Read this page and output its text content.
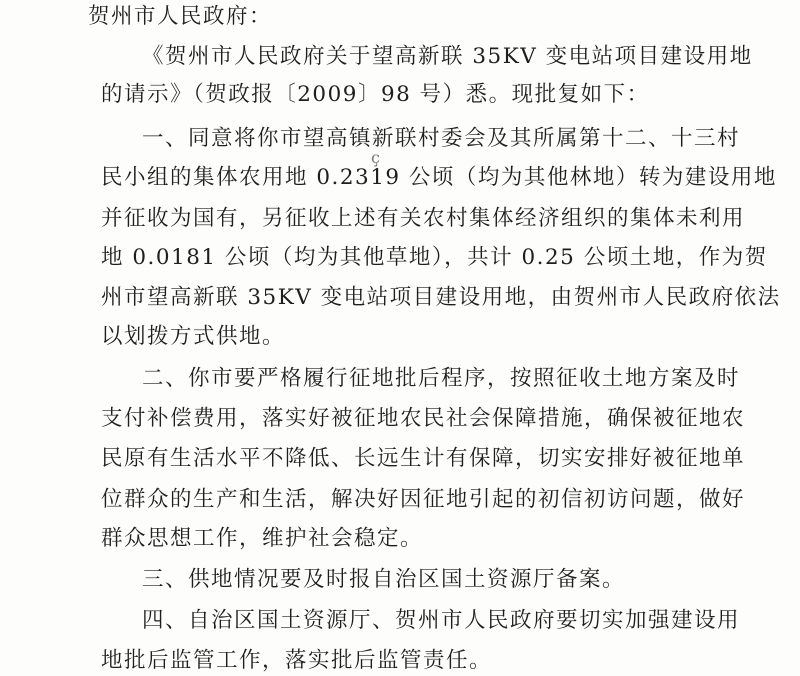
贺州市人民政府：

《贺州市人民政府关于望高新联 35KV 变电站项目建设用地

的请示》（贺政报〔2009〕98 号）悉。现批复如下：

一、同意将你市望高镇新联村委会及其所属第十二、十三村

民小组的集体农用地 0.2319 公顷（均为其他林地）转为建设用地

并征收为国有，另征收上述有关农村集体经济组织的集体未利用

地 0.0181 公顷（均为其他草地），共计 0.25 公顷土地，作为贺

州市望高新联 35KV 变电站项目建设用地，由贺州市人民政府依法

以划拨方式供地。

二、你市要严格履行征地批后程序，按照征收土地方案及时

支付补偿费用，落实好被征地农民社会保障措施，确保被征地农

民原有生活水平不降低、长远生计有保障，切实安排好被征地单

位群众的生产和生活，解决好因征地引起的初信初访问题，做好

群众思想工作，维护社会稳定。

三、供地情况要及时报自治区国土资源厅备案。

四、自治区国土资源厅、贺州市人民政府要切实加强建设用

地批后监管工作，落实批后监管责任。

ҫ
